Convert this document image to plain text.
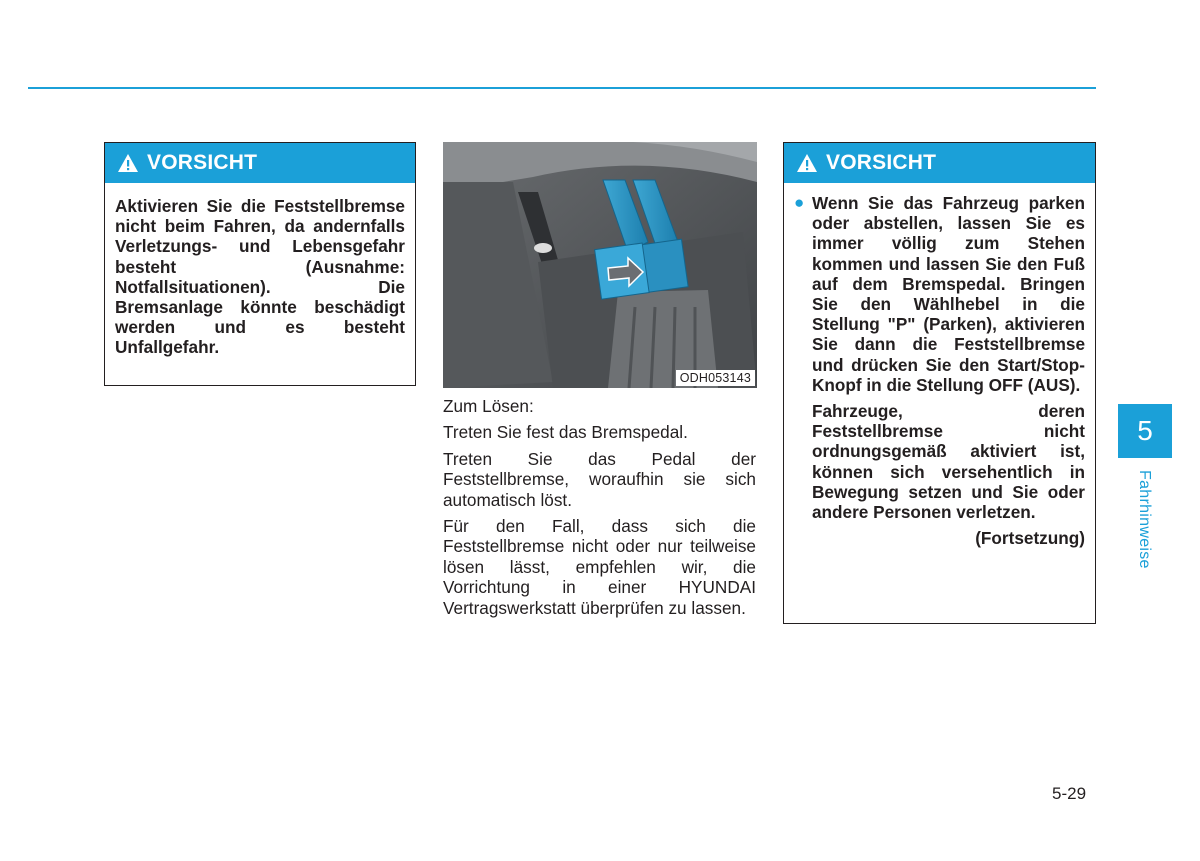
VORSICHT

Aktivieren Sie die Feststellbremse nicht beim Fahren, da andernfalls Verletzungs- und Lebensgefahr besteht (Ausnahme: Notfallsituationen). Die Bremsanlage könnte beschädigt werden und es besteht Unfallgefahr.

ODH053143

Zum Lösen:

Treten Sie fest das Bremspedal.

Treten Sie das Pedal der Feststellbremse, woraufhin sie sich automatisch löst.

Für den Fall, dass sich die Feststellbremse nicht oder nur teilweise lösen lässt, empfehlen wir, die Vorrichtung in einer HYUNDAI Vertragswerkstatt überprüfen zu lassen.

VORSICHT
● Wenn Sie das Fahrzeug parken oder abstellen, lassen Sie es immer völlig zum Stehen kommen und lassen Sie den Fuß auf dem Bremspedal. Bringen Sie den Wählhebel in die Stellung "P" (Parken), aktivieren Sie dann die Feststellbremse und drücken Sie den Start/Stop-Knopf in die Stellung OFF (AUS).

Fahrzeuge, deren Feststellbremse nicht ordnungsgemäß aktiviert ist, können sich versehentlich in Bewegung setzen und Sie oder andere Personen verletzen.

(Fortsetzung)
5
Fahrhinweise
5-29
